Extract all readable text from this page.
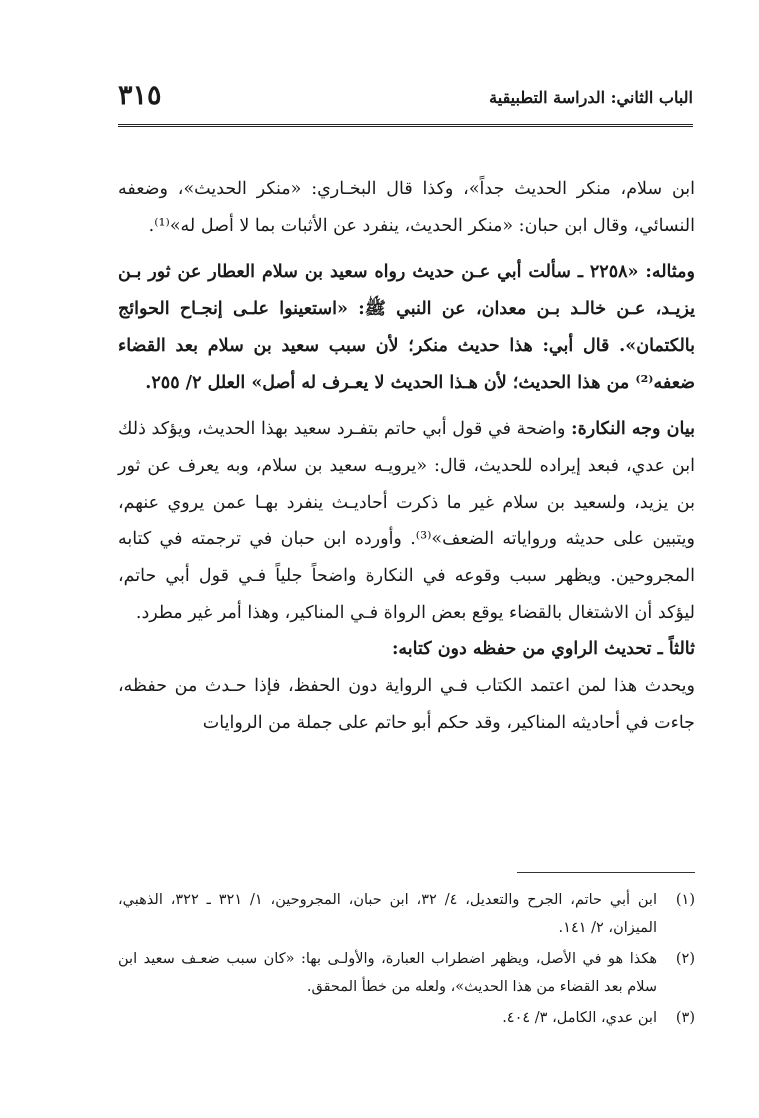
الباب الثاني: الدراسة التطبيقية
٣١٥

ابن سلام، منكر الحديث جداً»، وكذا قال البخـاري: «منكر الحديث»، وضعفه النسائي، وقال ابن حبان: «منكر الحديث، ينفرد عن الأثبات بما لا أصل له»⁽¹⁾.

ومثاله: «٢٢٥٨ ـ سألت أبي عـن حديث رواه سعيد بن سلام العطار عن ثور بـن يزيـد، عـن خالـد بـن معدان، عن النبي ﷺ: «استعينوا علـى إنجـاح الحوائج بالكتمان». قال أبي: هذا حديث منكر؛ لأن سبب سعيد بن سلام بعد القضاء ضعفه⁽²⁾ من هذا الحديث؛ لأن هـذا الحديث لا يعـرف له أصل» العلل ٢/ ٢٥٥.

بيان وجه النكارة: واضحة في قول أبي حاتم بتفـرد سعيد بهذا الحديث، ويؤكد ذلك ابن عدي، فبعد إيراده للحديث، قال: «يرويـه سعيد بن سلام، وبه يعرف عن ثور بن يزيد، ولسعيد بن سلام غير ما ذكرت أحاديـث ينفرد بهـا عمن يروي عنهم، ويتبين على حديثه ورواياته الضعف»⁽³⁾. وأورده ابن حبان في ترجمته في كتابه المجروحين. ويظهر سبب وقوعه في النكارة واضحاً جلياً فـي قول أبي حاتم، ليؤكد أن الاشتغال بالقضاء يوقع بعض الرواة فـي المناكير، وهذا أمر غير مطرد.

ثالثاً ـ تحديث الراوي من حفظه دون كتابه:

ويحدث هذا لمن اعتمد الكتاب فـي الرواية دون الحفظ، فإذا حـدث من حفظه، جاءت في أحاديثه المناكير، وقد حكم أبو حاتم على جملة من الروايات

(١)
ابن أبي حاتم، الجرح والتعديل، ٤/ ٣٢، ابن حبان، المجروحين، ١/ ٣٢١ ـ ٣٢٢، الذهبي، الميزان، ٢/ ١٤١.
(٢)
هكذا هو في الأصل، ويظهر اضطراب العبارة، والأولـى بها: «كان سبب ضعـف سعيد ابن سلام بعد القضاء من هذا الحديث»، ولعله من خطأ المحقق.
(٣)
ابن عدي، الكامل، ٣/ ٤٠٤.
